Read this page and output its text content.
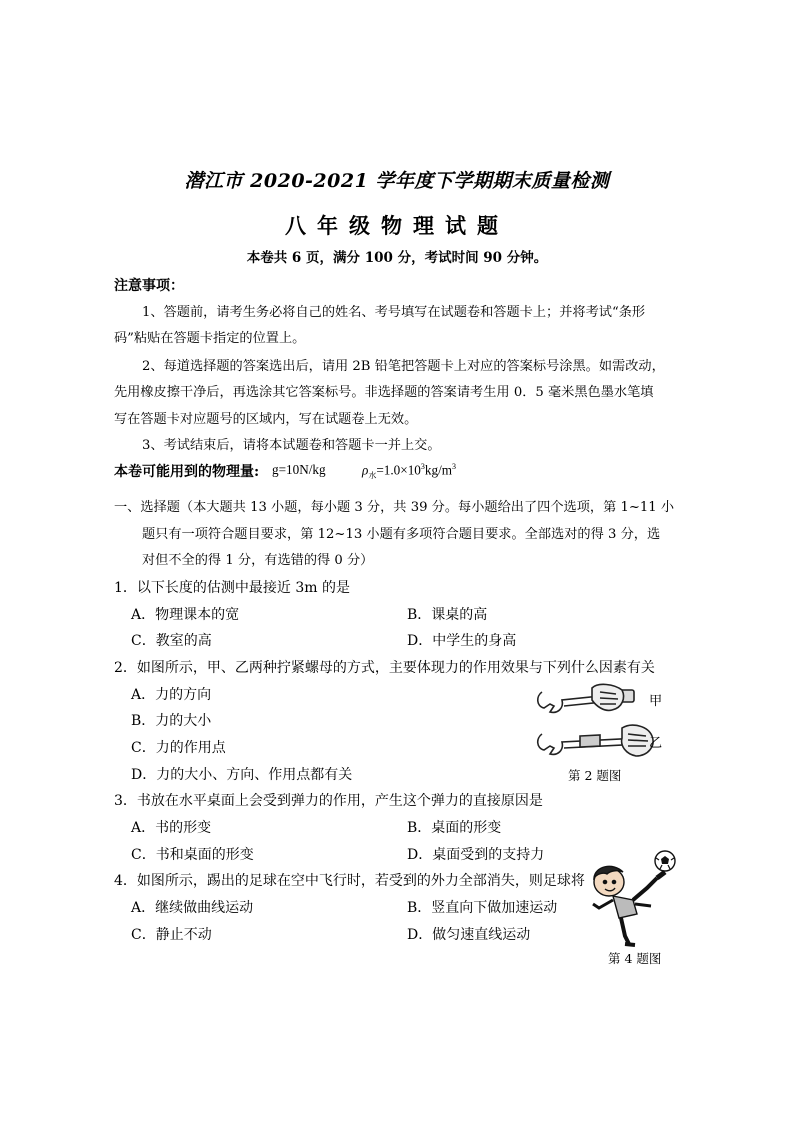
潜江市 2020-2021 学年度下学期期末质量检测
八年级物理试题
本卷共 6 页，满分 100 分，考试时间 90 分钟。
注意事项：
1、答题前，请考生务必将自己的姓名、考号填写在试题卷和答题卡上；并将考试“条形
码”粘贴在答题卡指定的位置上。
2、每道选择题的答案选出后，请用 2B 铅笔把答题卡上对应的答案标号涂黑。如需改动，
先用橡皮擦干净后，再选涂其它答案标号。非选择题的答案请考生用 0．5 毫米黑色墨水笔填
写在答题卡对应题号的区域内，写在试题卷上无效。
3、考试结束后，请将本试题卷和答题卡一并上交。
本卷可能用到的物理量: g=10N/kg	$\rho_水=1.0\times 10^3kg/m^3$
一、选择题（本大题共 13 小题，每小题 3 分，共 39 分。每小题给出了四个选项，第 1~11 小
题只有一项符合题目要求，第 12~13 小题有多项符合题目要求。全部选对的得 3 分，选
对但不全的得 1 分，有选错的得 0 分）
1．以下长度的估测中最接近 3m 的是
A．物理课本的宽	B．课桌的高
C．教室的高	D．中学生的身高
2．如图所示，甲、乙两种拧紧螺母的方式，主要体现力的作用效果与下列什么因素有关
A．力的方向
B．力的大小
C．力的作用点
D．力的大小、方向、作用点都有关
甲
乙
第 2 题图
3．书放在水平桌面上会受到弹力的作用，产生这个弹力的直接原因是
A．书的形变	B．桌面的形变
C．书和桌面的形变	D．桌面受到的支持力
4．如图所示，踢出的足球在空中飞行时，若受到的外力全部消失，则足球将
A．继续做曲线运动	B．竖直向下做加速运动
C．静止不动	D．做匀速直线运动
第 4 题图
